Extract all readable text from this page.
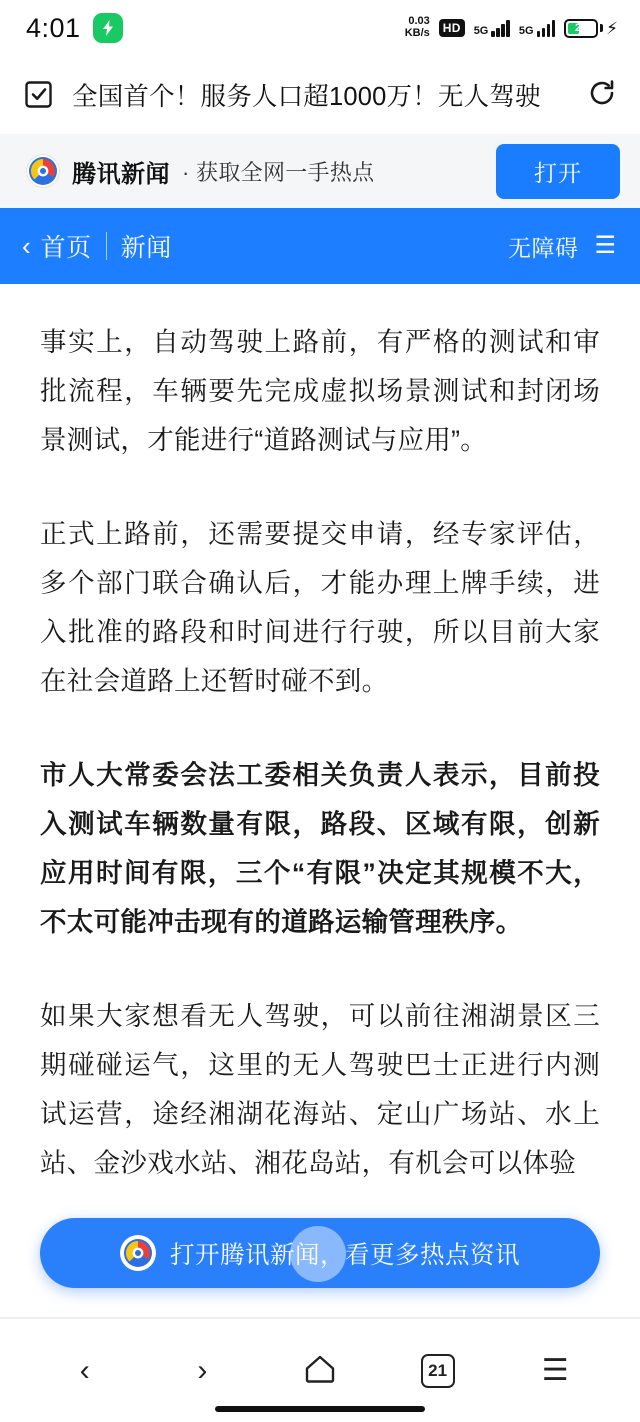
4:01	0.03
KB/s	HD	5G	5G	23	⚡
全国首个！服务人口超1000万！无人驾驶
腾讯新闻 · 获取全网一手热点	打开
‹ 首页 新闻	无障碍 ☰

事实上，自动驾驶上路前，有严格的测试和审批流程，车辆要先完成虚拟场景测试和封闭场景测试，才能进行“道路测试与应用”。

正式上路前，还需要提交申请，经专家评估，多个部门联合确认后，才能办理上牌手续，进入批准的路段和时间进行行驶，所以目前大家在社会道路上还暂时碰不到。

市人大常委会法工委相关负责人表示，目前投入测试车辆数量有限，路段、区域有限，创新应用时间有限，三个“有限”决定其规模不大，不太可能冲击现有的道路运输管理秩序。

如果大家想看无人驾驶，可以前往湘湖景区三期碰碰运气，这里的无人驾驶巴士正进行内测试运营，途经湘湖花海站、定山广场站、水上站、金沙戏水站、湘花岛站，有机会可以体验

打开腾讯新闻，看更多热点资讯
‹	›	21	☰
